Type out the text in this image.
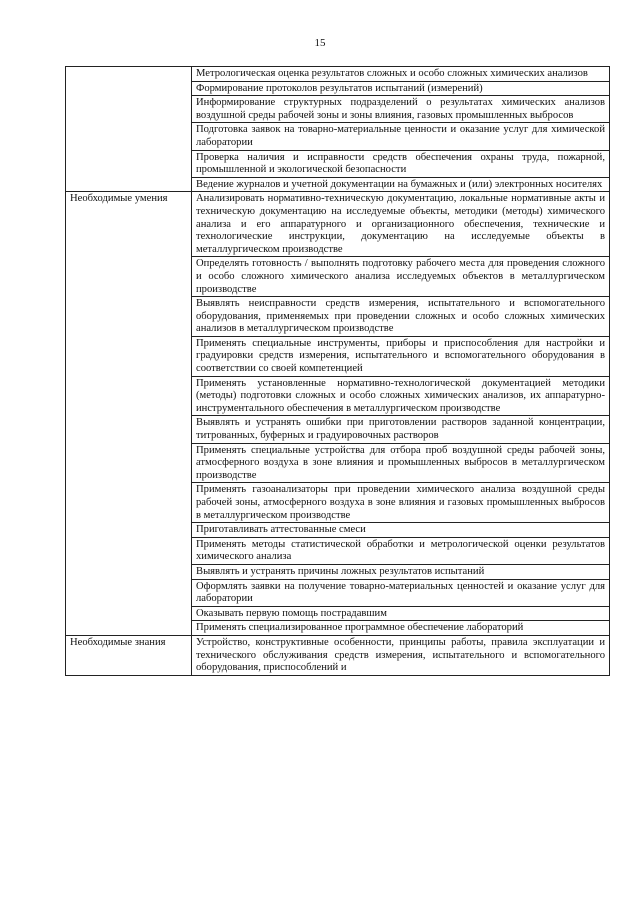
15
	Метрологическая оценка результатов сложных и особо сложных химических анализов
	Формирование протоколов результатов испытаний (измерений)
	Информирование структурных подразделений о результатах химических анализов воздушной среды рабочей зоны и зоны влияния, газовых промышленных выбросов
	Подготовка заявок на товарно-материальные ценности и оказание услуг для химической лаборатории
	Проверка наличия и исправности средств обеспечения охраны труда, пожарной, промышленной и экологической безопасности
	Ведение журналов и учетной документации на бумажных и (или) электронных носителях
Необходимые умения	Анализировать нормативно-техническую документацию, локальные нормативные акты и техническую документацию на исследуемые объекты, методики (методы) химического анализа и его аппаратурного и организационного обеспечения, технические и технологические инструкции, документацию на исследуемые объекты в металлургическом производстве
	Определять готовность / выполнять подготовку рабочего места для проведения сложного и особо сложного химического анализа исследуемых объектов в металлургическом производстве
	Выявлять неисправности средств измерения, испытательного и вспомогательного оборудования, применяемых при проведении сложных и особо сложных химических анализов в металлургическом производстве
	Применять специальные инструменты, приборы и приспособления для настройки и градуировки средств измерения, испытательного и вспомогательного оборудования в соответствии со своей компетенцией
	Применять установленные нормативно-технологической документацией методики (методы) подготовки сложных и особо сложных химических анализов, их аппаратурно-инструментального обеспечения в металлургическом производстве
	Выявлять и устранять ошибки при приготовлении растворов заданной концентрации, титрованных, буферных и градуировочных растворов
	Применять специальные устройства для отбора проб воздушной среды рабочей зоны, атмосферного воздуха в зоне влияния и промышленных выбросов в металлургическом производстве
	Применять газоанализаторы при проведении химического анализа воздушной среды рабочей зоны, атмосферного воздуха в зоне влияния и газовых промышленных выбросов в металлургическом производстве
	Приготавливать аттестованные смеси
	Применять методы статистической обработки и метрологической оценки результатов химического анализа
	Выявлять и устранять причины ложных результатов испытаний
	Оформлять заявки на получение товарно-материальных ценностей и оказание услуг для лаборатории
	Оказывать первую помощь пострадавшим
	Применять специализированное программное обеспечение лабораторий
Необходимые знания	Устройство, конструктивные особенности, принципы работы, правила эксплуатации и технического обслуживания средств измерения, испытательного и вспомогательного оборудования, приспособлений и
